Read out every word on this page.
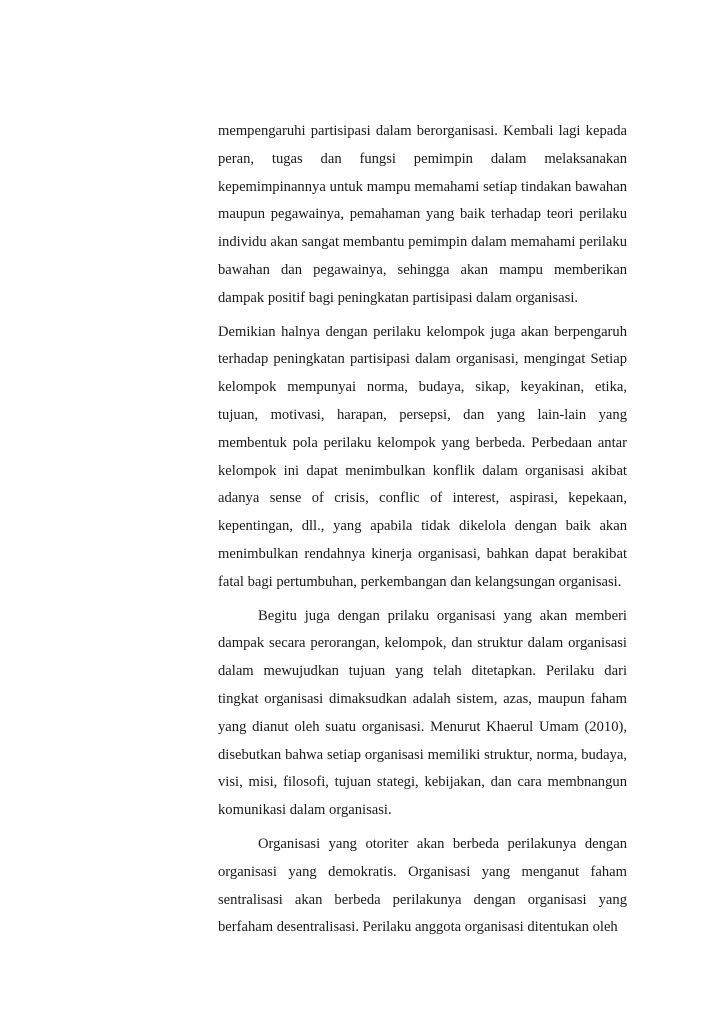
mempengaruhi partisipasi dalam berorganisasi. Kembali lagi kepada peran, tugas dan fungsi pemimpin dalam melaksanakan kepemimpinannya untuk mampu memahami setiap tindakan bawahan maupun pegawainya, pemahaman yang baik terhadap teori perilaku individu akan sangat membantu pemimpin dalam memahami perilaku bawahan dan pegawainya, sehingga akan mampu memberikan dampak positif bagi peningkatan partisipasi dalam organisasi.

Demikian halnya dengan perilaku kelompok juga akan berpengaruh terhadap peningkatan partisipasi dalam organisasi, mengingat Setiap kelompok mempunyai norma, budaya, sikap, keyakinan, etika, tujuan, motivasi, harapan, persepsi, dan yang lain-lain yang membentuk pola perilaku kelompok yang berbeda. Perbedaan antar kelompok ini dapat menimbulkan konflik dalam organisasi akibat adanya sense of crisis, conflic of interest, aspirasi, kepekaan, kepentingan, dll., yang apabila tidak dikelola dengan baik akan menimbulkan rendahnya kinerja organisasi, bahkan dapat berakibat fatal bagi pertumbuhan, perkembangan dan kelangsungan organisasi.

Begitu juga dengan prilaku organisasi yang akan memberi dampak secara perorangan, kelompok, dan struktur dalam organisasi dalam mewujudkan tujuan yang telah ditetapkan. Perilaku dari tingkat organisasi dimaksudkan adalah sistem, azas, maupun faham yang dianut oleh suatu organisasi. Menurut Khaerul Umam (2010), disebutkan bahwa setiap organisasi memiliki struktur, norma, budaya, visi, misi, filosofi, tujuan stategi, kebijakan, dan cara membnangun komunikasi dalam organisasi.

Organisasi yang otoriter akan berbeda perilakunya dengan organisasi yang demokratis. Organisasi yang menganut faham sentralisasi akan berbeda perilakunya dengan organisasi yang berfaham desentralisasi. Perilaku anggota organisasi ditentukan oleh
